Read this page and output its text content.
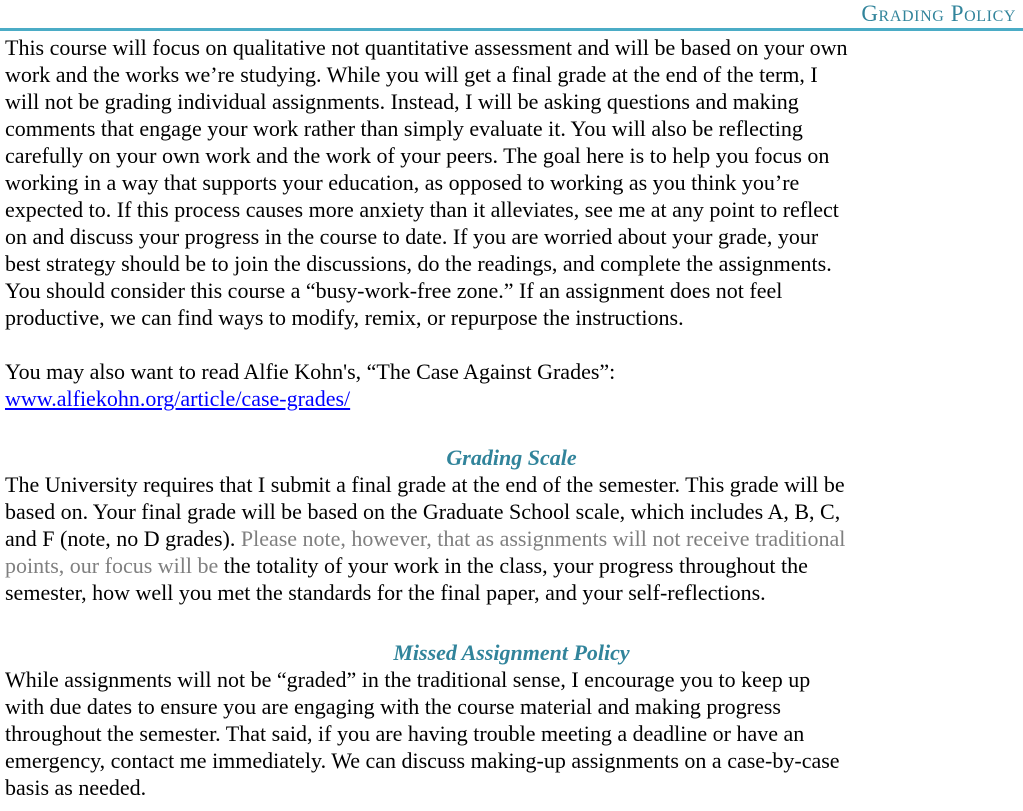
Grading Policy
This course will focus on qualitative not quantitative assessment and will be based on your own
work and the works we’re studying. While you will get a final grade at the end of the term, I
will not be grading individual assignments. Instead, I will be asking questions and making
comments that engage your work rather than simply evaluate it. You will also be reflecting
carefully on your own work and the work of your peers. The goal here is to help you focus on
working in a way that supports your education, as opposed to working as you think you’re
expected to. If this process causes more anxiety than it alleviates, see me at any point to reflect
on and discuss your progress in the course to date. If you are worried about your grade, your
best strategy should be to join the discussions, do the readings, and complete the assignments.
You should consider this course a “busy-work-free zone.” If an assignment does not feel
productive, we can find ways to modify, remix, or repurpose the instructions.
You may also want to read Alfie Kohn's, “The Case Against Grades”:
www.alfiekohn.org/article/case-grades/
Grading Scale
The University requires that I submit a final grade at the end of the semester. This grade will be
based on. Your final grade will be based on the Graduate School scale, which includes A, B, C,
and F (note, no D grades). Please note, however, that as assignments will not receive traditional
points, our focus will be the totality of your work in the class, your progress throughout the
semester, how well you met the standards for the final paper, and your self-reflections.
Missed Assignment Policy
While assignments will not be “graded” in the traditional sense, I encourage you to keep up
with due dates to ensure you are engaging with the course material and making progress
throughout the semester. That said, if you are having trouble meeting a deadline or have an
emergency, contact me immediately. We can discuss making-up assignments on a case-by-case
basis as needed.
